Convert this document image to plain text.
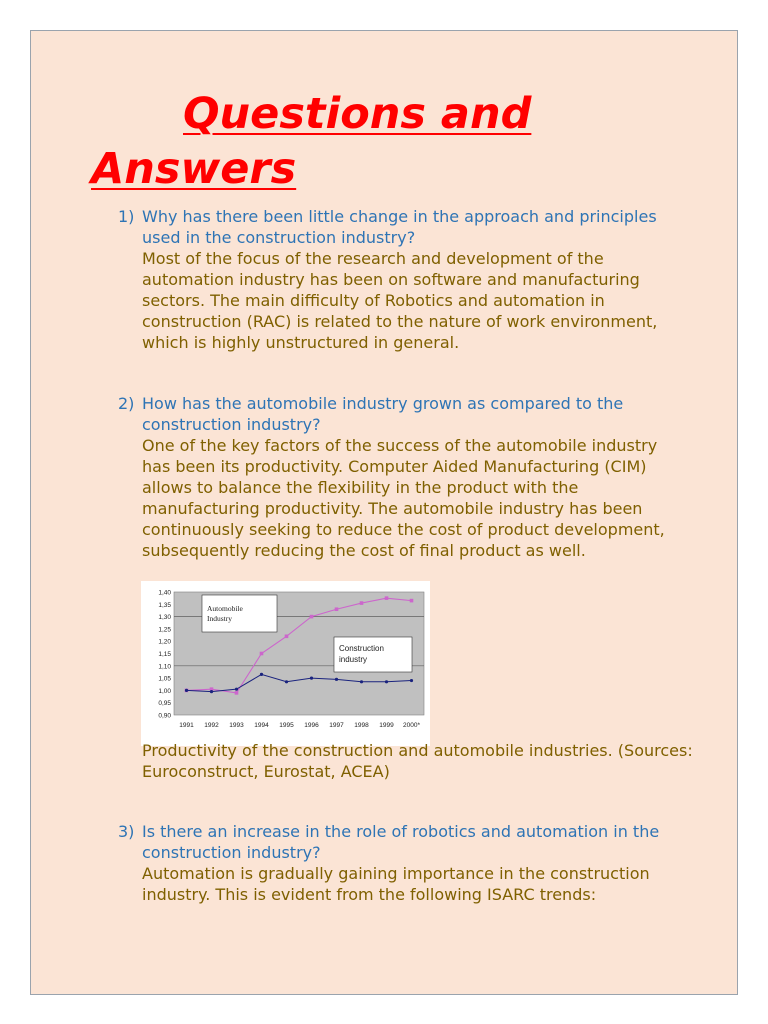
Questions and
Answers
1) Why has there been little change in the approach and principles used in the construction industry?
Most of the focus of the research and development of the automation industry has been on software and manufacturing sectors. The main difficulty of Robotics and automation in construction (RAC) is related to the nature of work environment, which is highly unstructured in general.
2) How has the automobile industry grown as compared to the construction industry?
One of the key factors of the success of the automobile industry has been its productivity. Computer Aided Manufacturing (CIM) allows to balance the flexibility in the product with the manufacturing productivity. The automobile industry has been continuously seeking to reduce the cost of product development, subsequently reducing the cost of final product as well.
1,40
1,35
1,30
1,25
1,20
1,15
1,10
1,05
1,00
0,95
0,90
1991 1992 1993 1994 1995 1996 1997 1998 1999 2000*
Automobile Industry
Construction industry
Productivity of the construction and automobile industries. (Sources: Euroconstruct, Eurostat, ACEA)
3) Is there an increase in the role of robotics and automation in the construction industry?
Automation is gradually gaining importance in the construction industry. This is evident from the following ISARC trends:
